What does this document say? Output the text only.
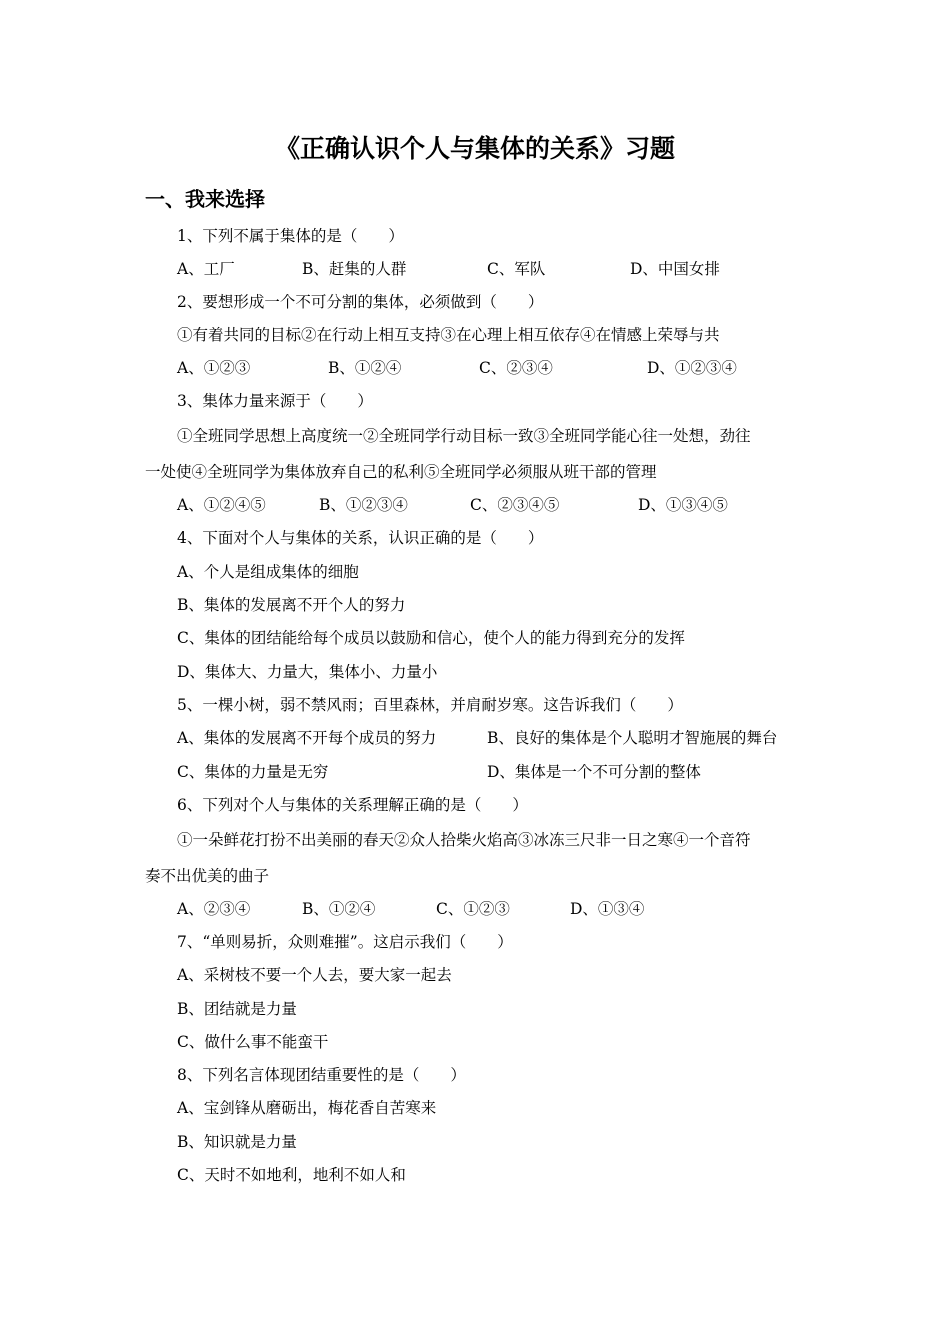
《正确认识个人与集体的关系》习题
一、我来选择
1、下列不属于集体的是（　　）
A、工厂	B、赶集的人群	C、军队	D、中国女排
2、要想形成一个不可分割的集体，必须做到（　　）
①有着共同的目标②在行动上相互支持③在心理上相互依存④在情感上荣辱与共
A、①②③	B、①②④	C、②③④	D、①②③④
3、集体力量来源于（　　）
①全班同学思想上高度统一②全班同学行动目标一致③全班同学能心往一处想，劲往
一处使④全班同学为集体放弃自己的私利⑤全班同学必须服从班干部的管理
A、①②④⑤	B、①②③④	C、②③④⑤	D、①③④⑤
4、下面对个人与集体的关系，认识正确的是（　　）
A、个人是组成集体的细胞
B、集体的发展离不开个人的努力
C、集体的团结能给每个成员以鼓励和信心，使个人的能力得到充分的发挥
D、集体大、力量大，集体小、力量小
5、一棵小树，弱不禁风雨；百里森林，并肩耐岁寒。这告诉我们（　　）
A、集体的发展离不开每个成员的努力	B、良好的集体是个人聪明才智施展的舞台
C、集体的力量是无穷	D、集体是一个不可分割的整体
6、下列对个人与集体的关系理解正确的是（　　）
①一朵鲜花打扮不出美丽的春天②众人拾柴火焰高③冰冻三尺非一日之寒④一个音符
奏不出优美的曲子
A、②③④	B、①②④	C、①②③	D、①③④
7、“单则易折，众则难摧”。这启示我们（　　）
A、采树枝不要一个人去，要大家一起去
B、团结就是力量
C、做什么事不能蛮干
8、下列名言体现团结重要性的是（　　）
A、宝剑锋从磨砺出，梅花香自苦寒来
B、知识就是力量
C、天时不如地利，地利不如人和
